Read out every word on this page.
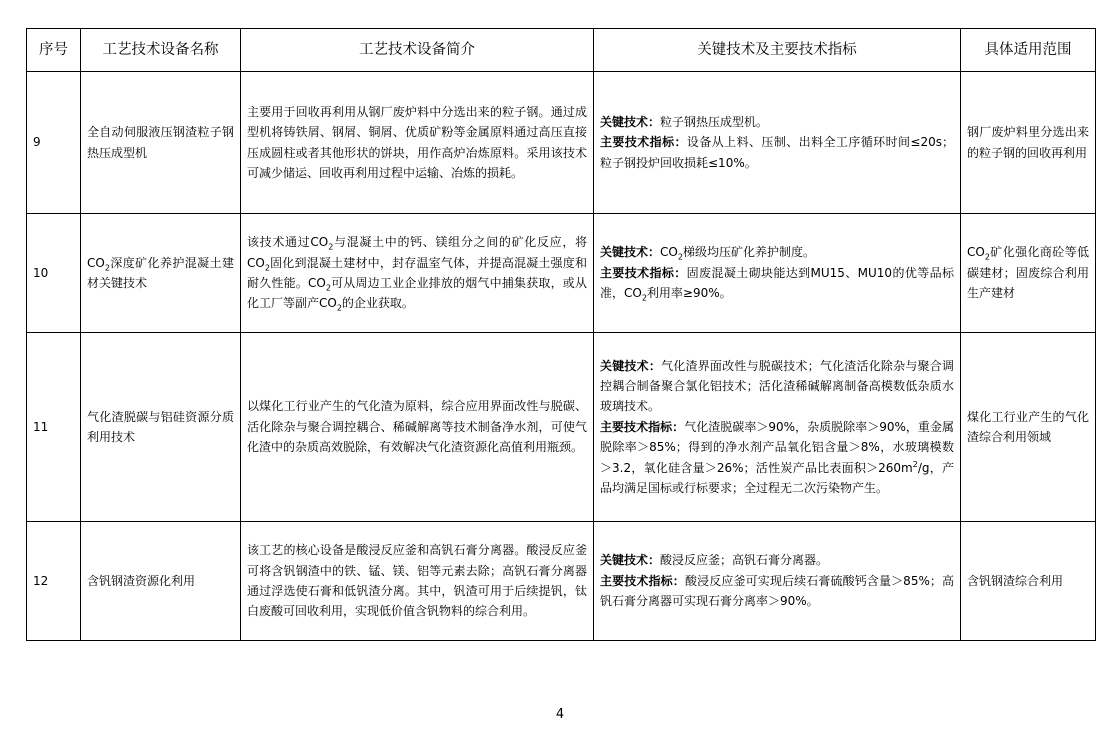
序号	工艺技术设备名称	工艺技术设备简介	关键技术及主要技术指标	具体适用范围
9	全自动伺服液压钢渣粒子钢热压成型机	主要用于回收再利用从钢厂废炉料中分选出来的粒子钢。通过成型机将铸铁屑、钢屑、铜屑、优质矿粉等金属原料通过高压直接压成圆柱或者其他形状的饼块，用作高炉冶炼原料。采用该技术可减少储运、回收再利用过程中运输、冶炼的损耗。	关键技术：粒子钢热压成型机。
主要技术指标：设备从上料、压制、出料全工序循环时间≤20s；粒子钢投炉回收损耗≤10%。	钢厂废炉料里分选出来的粒子钢的回收再利用
10	$CO_2$深度矿化养护混凝土建材关键技术	该技术通过$CO_2$与混凝土中的钙、镁组分之间的矿化反应，将$CO_2$固化到混凝土建材中，封存温室气体，并提高混凝土强度和耐久性能。$CO_2$可从周边工业企业排放的烟气中捕集获取，或从化工厂等副产$CO_2$的企业获取。	关键技术：$CO_2$梯级均压矿化养护制度。
主要技术指标：固废混凝土砌块能达到MU15、MU10的优等品标准，$CO_2$利用率≥90%。	$CO_2$矿化强化商砼等低碳建材；固废综合利用生产建材
11	气化渣脱碳与铝硅资源分质利用技术	以煤化工行业产生的气化渣为原料，综合应用界面改性与脱碳、活化除杂与聚合调控耦合、稀碱解离等技术制备净水剂，可使气化渣中的杂质高效脱除，有效解决气化渣资源化高值利用瓶颈。	关键技术：气化渣界面改性与脱碳技术；气化渣活化除杂与聚合调控耦合制备聚合氯化铝技术；活化渣稀碱解离制备高模数低杂质水玻璃技术。
主要技术指标：气化渣脱碳率＞90%，杂质脱除率＞90%，重金属脱除率＞85%；得到的净水剂产品氧化铝含量＞8%，水玻璃模数＞3.2，氧化硅含量＞26%；活性炭产品比表面积$>260m^2/g$，产品均满足国标或行标要求；全过程无二次污染物产生。	煤化工行业产生的气化渣综合利用领域
12	含钒钢渣资源化利用	该工艺的核心设备是酸浸反应釜和高钒石膏分离器。酸浸反应釜可将含钒钢渣中的铁、锰、镁、铝等元素去除；高钒石膏分离器通过浮选使石膏和低钒渣分离。其中，钒渣可用于后续提钒，钛白废酸可回收利用，实现低价值含钒物料的综合利用。	关键技术：酸浸反应釜；高钒石膏分离器。
主要技术指标：酸浸反应釜可实现后续石膏硫酸钙含量＞85%；高钒石膏分离器可实现石膏分离率＞90%。	含钒钢渣综合利用
4
